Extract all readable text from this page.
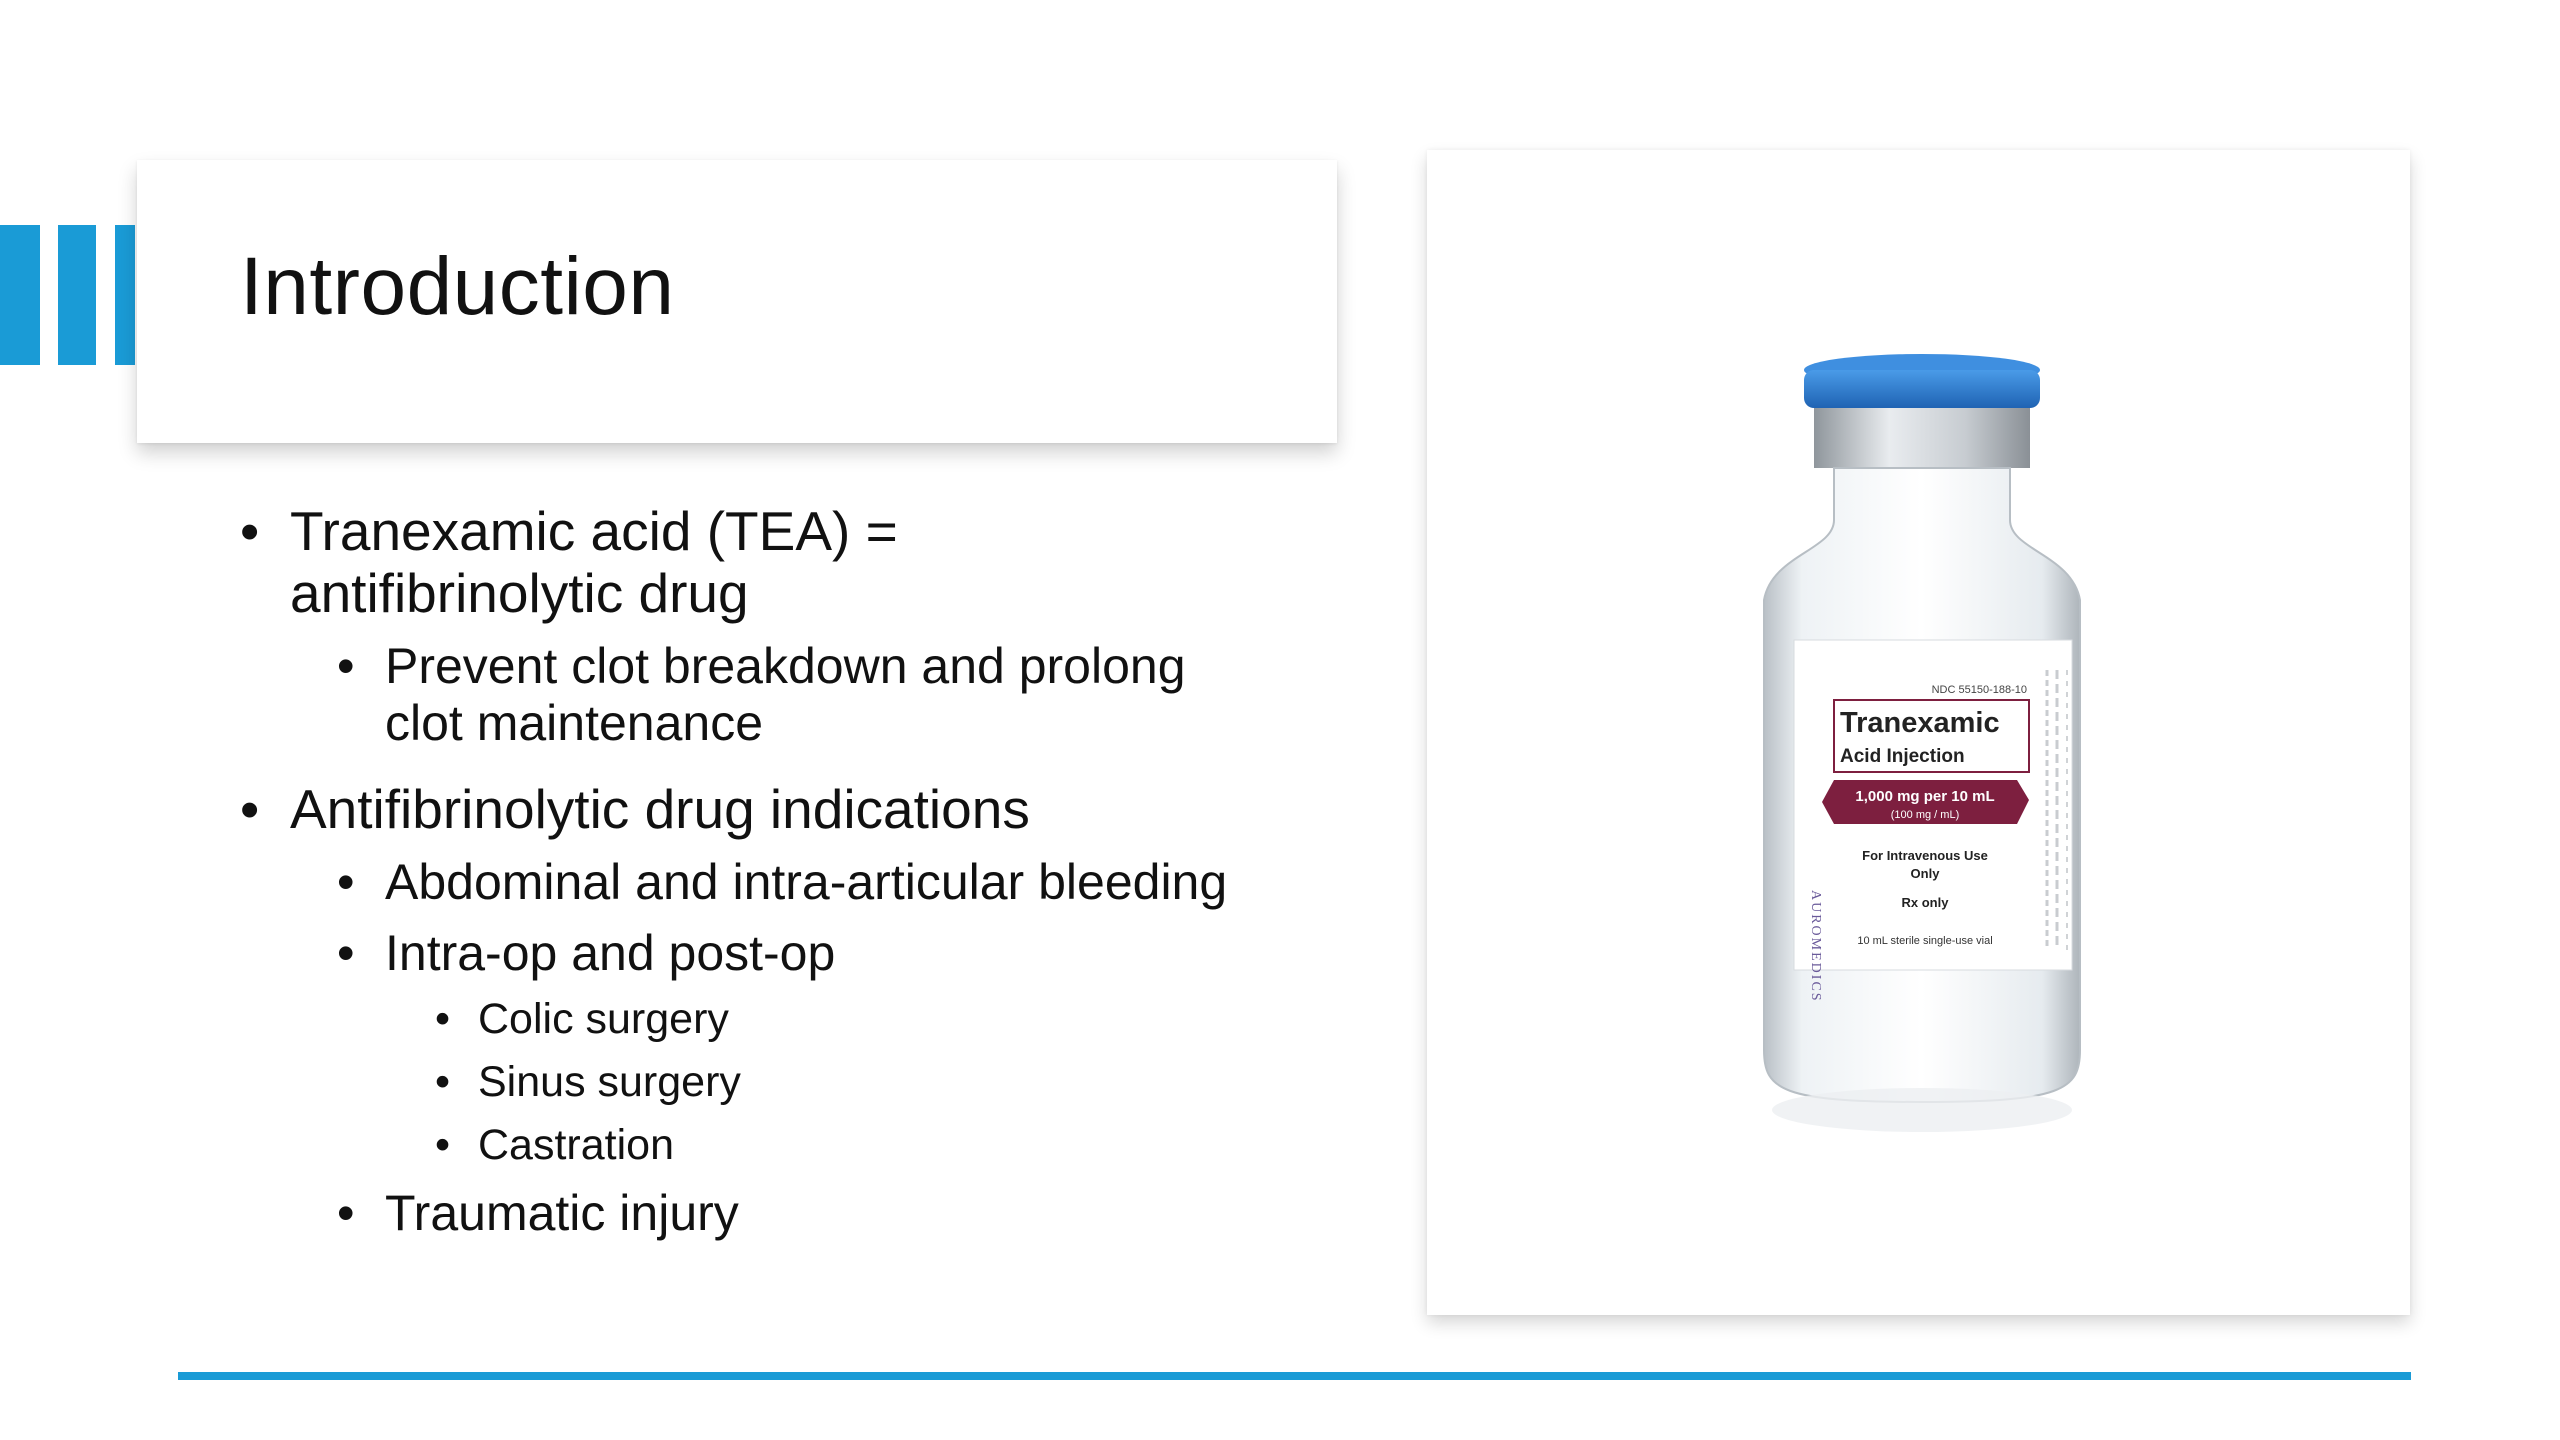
Introduction
• Tranexamic acid (TEA) = antifibrinolytic drug
• Prevent clot breakdown and prolong clot maintenance
• Antifibrinolytic drug indications
• Abdominal and intra-articular bleeding
• Intra-op and post-op
• Colic surgery
• Sinus surgery
• Castration
• Traumatic injury
NDC 55150-188-10
Tranexamic
Acid Injection
1,000 mg per 10 mL
(100 mg / mL)
For Intravenous Use
Only
Rx only
10 mL sterile single-use vial
AUROMEDICS
